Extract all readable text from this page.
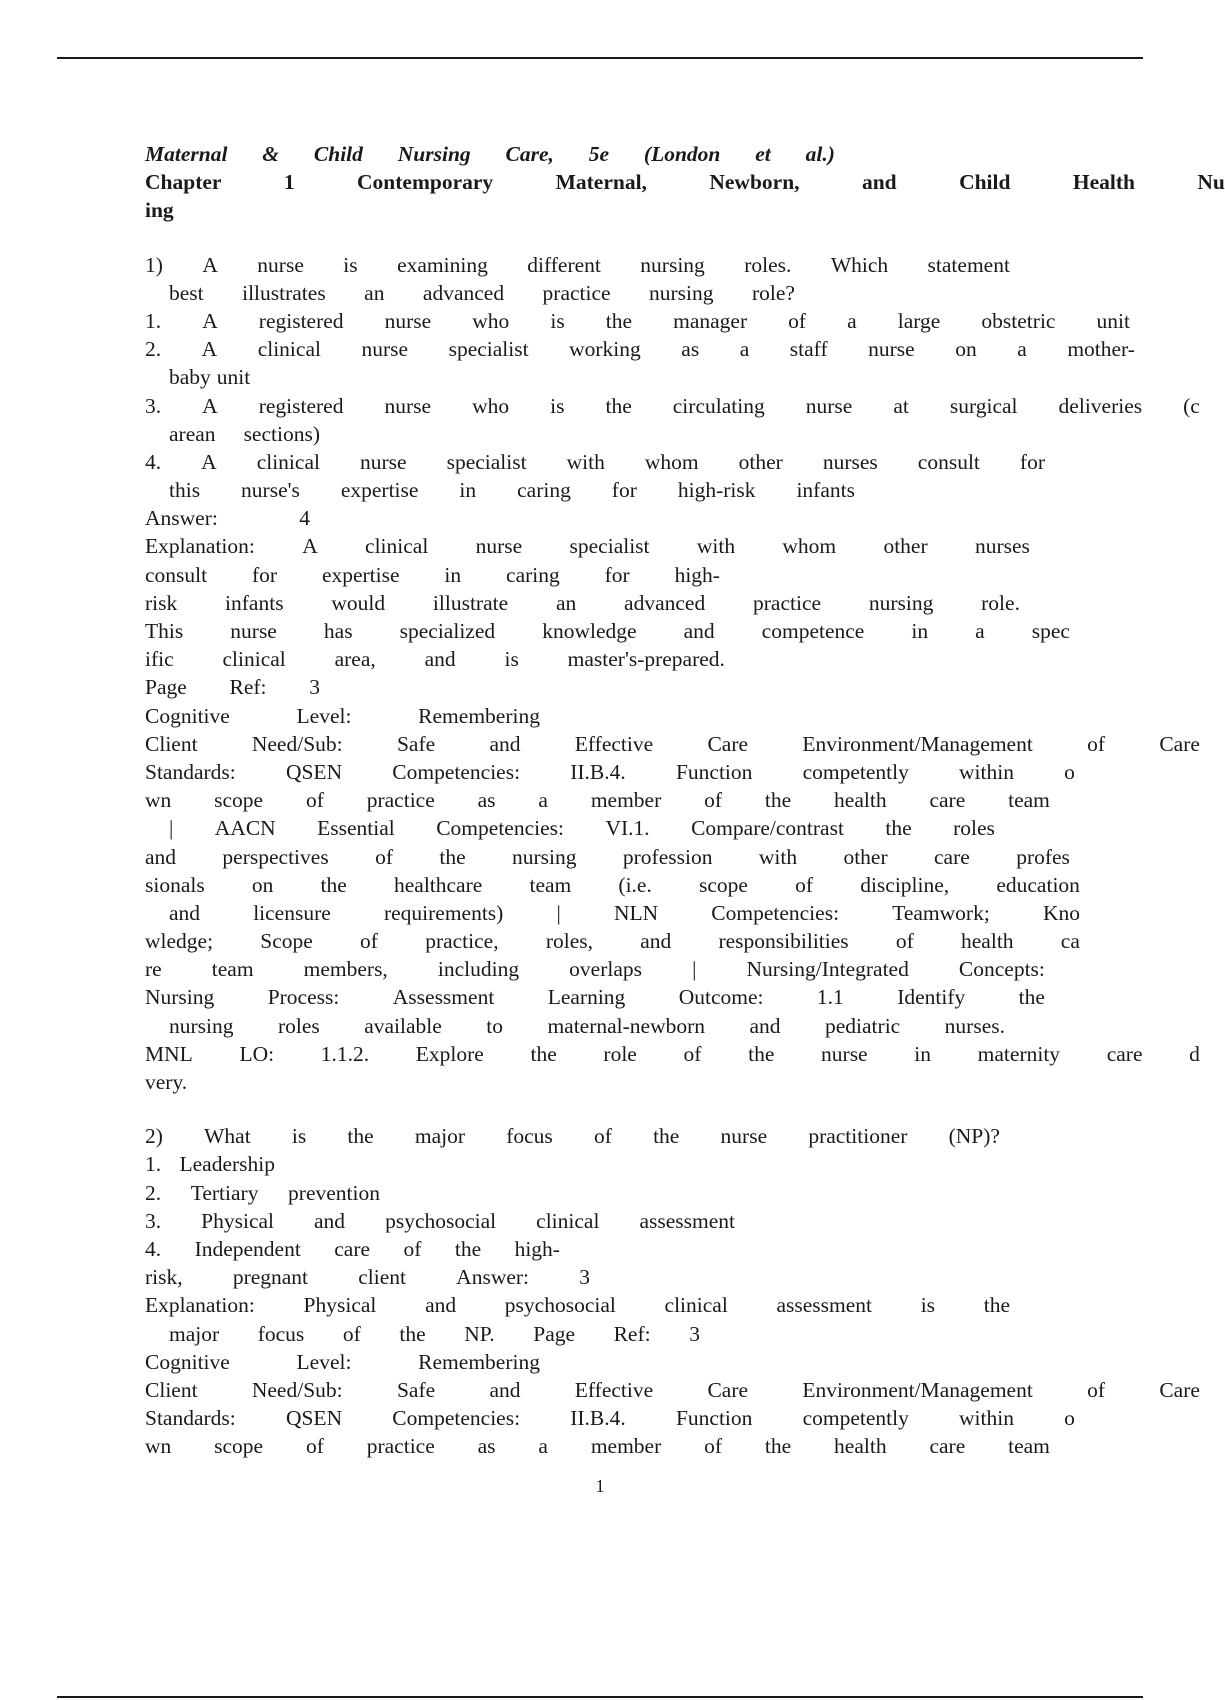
Maternal & Child Nursing Care, 5e (London et al.)
Chapter	1	Contemporary	Maternal,	Newborn,	and	Child	Health	Nu
ing
1) A nurse is examining different nursing roles. Which statement
best illustrates an advanced practice nursing role?
1. A registered nurse who is the manager of a large obstetric unit
2. A clinical nurse specialist working as a staff nurse on a mother-
baby unit
3. A registered nurse who is the circulating nurse at surgical deliveries (c
arean sections)
4. A clinical nurse specialist with whom other nurses consult for
this nurse's expertise in caring for high-risk infants
Answer:	4
Explanation: A clinical nurse specialist with whom other nurses
consult for expertise in caring for high-
risk infants would illustrate an advanced practice nursing role.
This nurse has specialized knowledge and competence in a spec
ific clinical area, and is master's-prepared.
Page Ref: 3
Cognitive	Level:	Remembering
Client	Need/Sub:	Safe	and	Effective	Care	Environment/Management	of	Care
Standards: QSEN Competencies: II.B.4. Function competently within o
wn scope of practice as a member of the health care team
| AACN Essential Competencies: VI.1. Compare/contrast the roles
and perspectives of the nursing profession with other care profes
sionals on the healthcare team (i.e. scope of discipline, education
and licensure requirements) | NLN Competencies: Teamwork; Kno
wledge; Scope of practice, roles, and responsibilities of health ca
re team members, including overlaps | Nursing/Integrated Concepts:
Nursing Process: Assessment Learning Outcome: 1.1 Identify the
nursing roles available to maternal-newborn and pediatric nurses.
MNL LO: 1.1.2. Explore the role of the nurse in maternity care d
very.
2) What is the major focus of the nurse practitioner (NP)?
1. Leadership
2. Tertiary prevention
3. Physical and psychosocial clinical assessment
4. Independent care of the high-
risk, pregnant client Answer: 3
Explanation: Physical and psychosocial clinical assessment is the
major focus of the NP. Page Ref: 3
Cognitive	Level:	Remembering
Client	Need/Sub:	Safe	and	Effective	Care	Environment/Management	of	Care
Standards: QSEN Competencies: II.B.4. Function competently within o
wn scope of practice as a member of the health care team
1
